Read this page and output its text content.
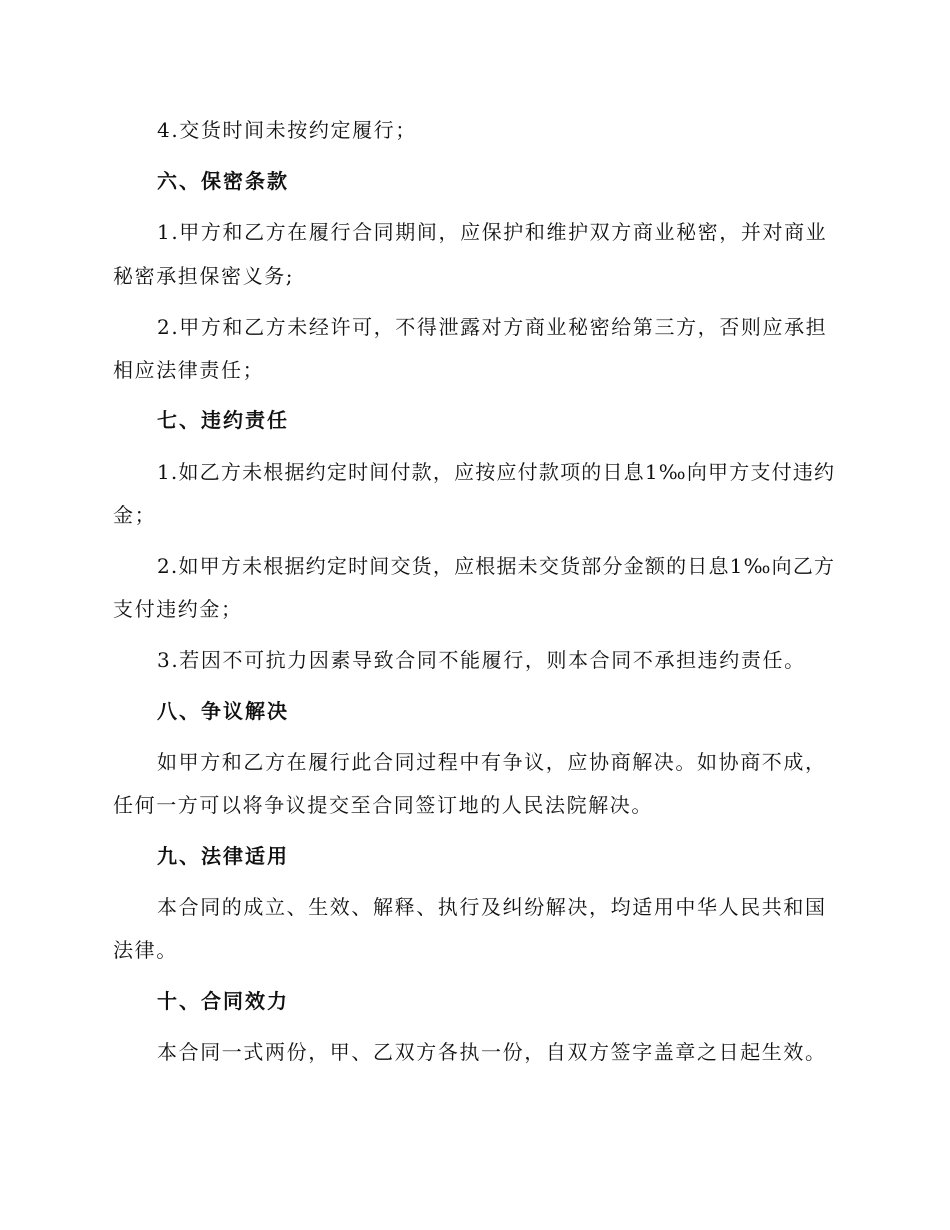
4.交货时间未按约定履行；
六、保密条款
1.甲方和乙方在履行合同期间，应保护和维护双方商业秘密，并对商业
秘密承担保密义务;
2.甲方和乙方未经许可，不得泄露对方商业秘密给第三方，否则应承担
相应法律责任；
七、违约责任
1.如乙方未根据约定时间付款，应按应付款项的日息1‰向甲方支付违约
金；
2.如甲方未根据约定时间交货，应根据未交货部分金额的日息1‰向乙方
支付违约金；
3.若因不可抗力因素导致合同不能履行，则本合同不承担违约责任。
八、争议解决
如甲方和乙方在履行此合同过程中有争议，应协商解决。如协商不成，
任何一方可以将争议提交至合同签订地的人民法院解决。
九、法律适用
本合同的成立、生效、解释、执行及纠纷解决，均适用中华人民共和国
法律。
十、合同效力
本合同一式两份，甲、乙双方各执一份，自双方签字盖章之日起生效。
